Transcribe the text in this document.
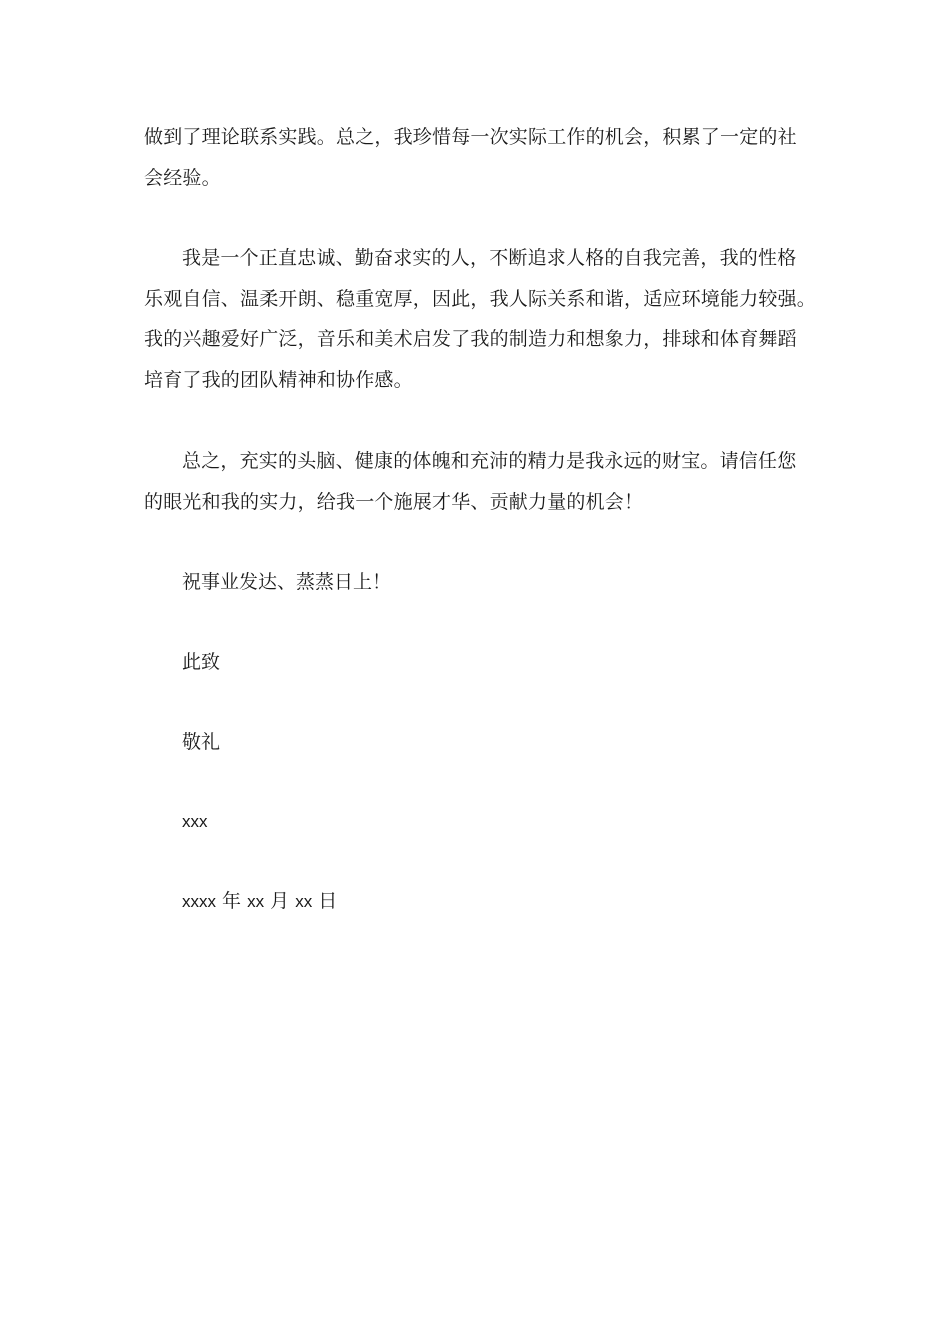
做到了理论联系实践。总之，我珍惜每一次实际工作的机会，积累了一定的社
会经验。
我是一个正直忠诚、勤奋求实的人，不断追求人格的自我完善，我的性格
乐观自信、温柔开朗、稳重宽厚，因此，我人际关系和谐，适应环境能力较强。
我的兴趣爱好广泛，音乐和美术启发了我的制造力和想象力，排球和体育舞蹈
培育了我的团队精神和协作感。
总之，充实的头脑、健康的体魄和充沛的精力是我永远的财宝。请信任您
的眼光和我的实力，给我一个施展才华、贡献力量的机会！

祝事业发达、蒸蒸日上！

此致

敬礼

xxx

xxxx 年 xx 月 xx 日
